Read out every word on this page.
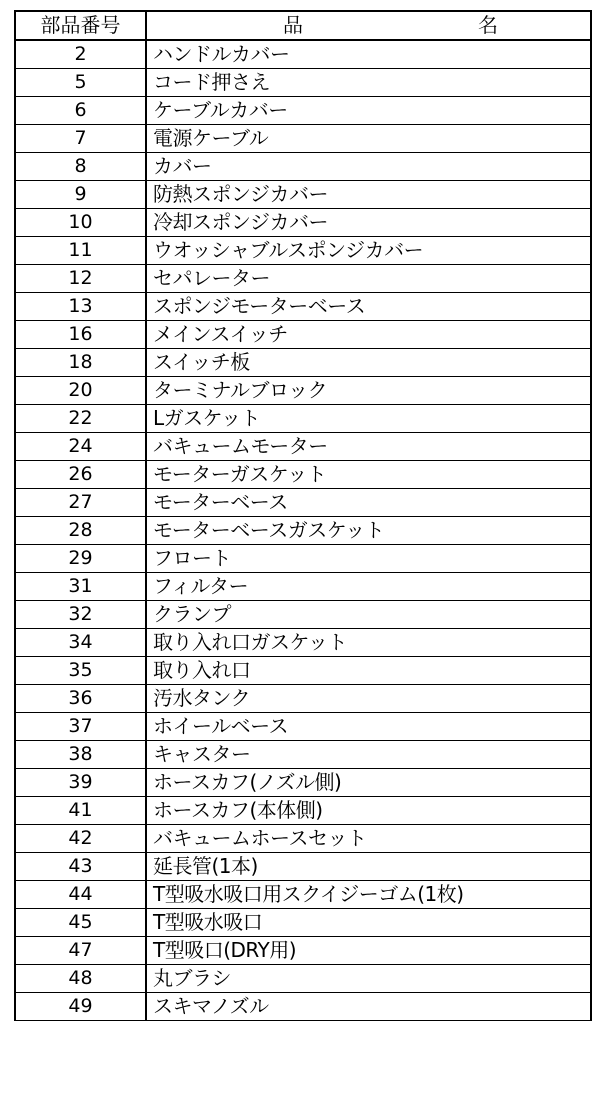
部品番号	品 名

2	ハンドルカバー
5	コード押さえ
6	ケーブルカバー
7	電源ケーブル
8	カバー
9	防熱スポンジカバー
10	冷却スポンジカバー
11	ウオッシャブルスポンジカバー
12	セパレーター
13	スポンジモーターベース
16	メインスイッチ
18	スイッチ板
20	ターミナルブロック
22	Lガスケット
24	バキュームモーター
26	モーターガスケット
27	モーターベース
28	モーターベースガスケット
29	フロート
31	フィルター
32	クランプ
34	取り入れ口ガスケット
35	取り入れ口
36	汚水タンク
37	ホイールベース
38	キャスター
39	ホースカフ(ノズル側)
41	ホースカフ(本体側)
42	バキュームホースセット
43	延長管(1本)
44	T型吸水吸口用スクイジーゴム(1枚)
45	T型吸水吸口
47	T型吸口(DRY用)
48	丸ブラシ
49	スキマノズル
